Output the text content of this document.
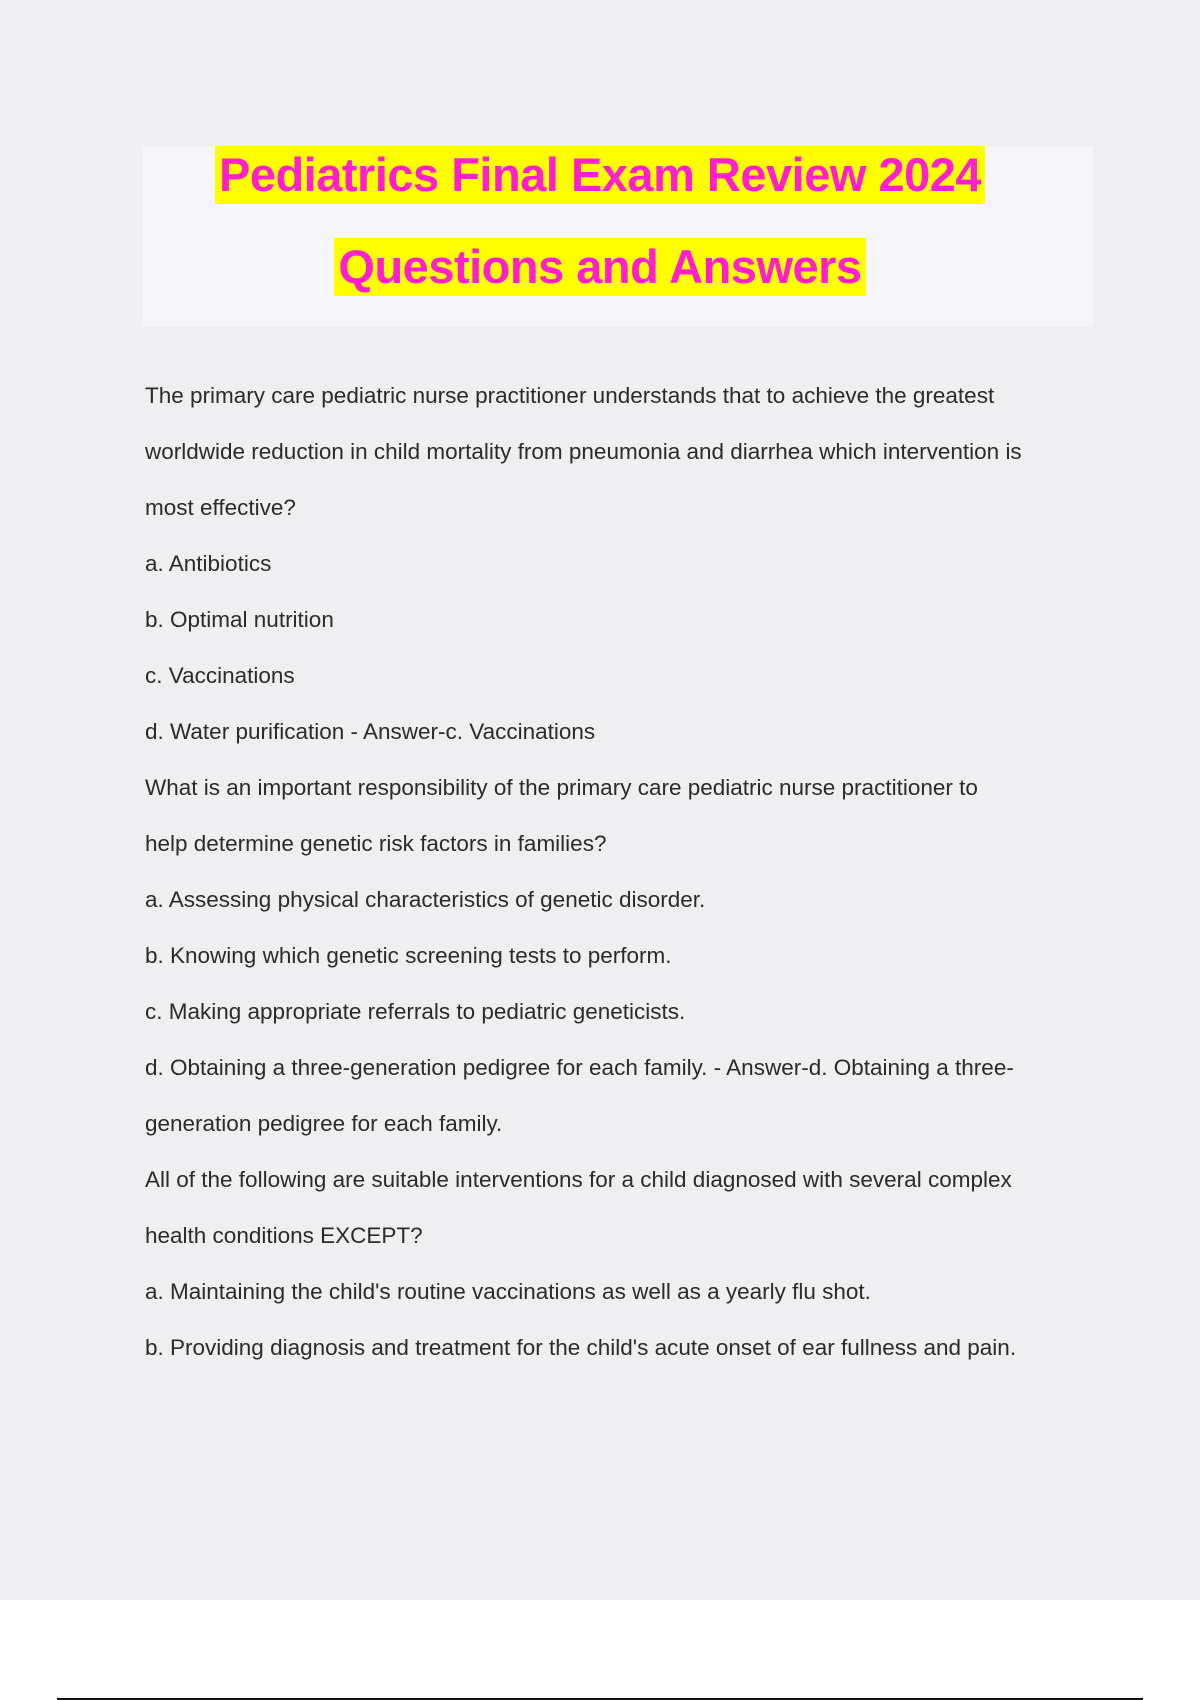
Pediatrics Final Exam Review 2024
Questions and Answers

The primary care pediatric nurse practitioner understands that to achieve the greatest

worldwide reduction in child mortality from pneumonia and diarrhea which intervention is

most effective?

a. Antibiotics

b. Optimal nutrition

c. Vaccinations

d. Water purification - Answer-c. Vaccinations

What is an important responsibility of the primary care pediatric nurse practitioner to

help determine genetic risk factors in families?

a. Assessing physical characteristics of genetic disorder.

b. Knowing which genetic screening tests to perform.

c. Making appropriate referrals to pediatric geneticists.

d. Obtaining a three-generation pedigree for each family. - Answer-d. Obtaining a three-

generation pedigree for each family.

All of the following are suitable interventions for a child diagnosed with several complex

health conditions EXCEPT?

a. Maintaining the child's routine vaccinations as well as a yearly flu shot.

b. Providing diagnosis and treatment for the child's acute onset of ear fullness and pain.
